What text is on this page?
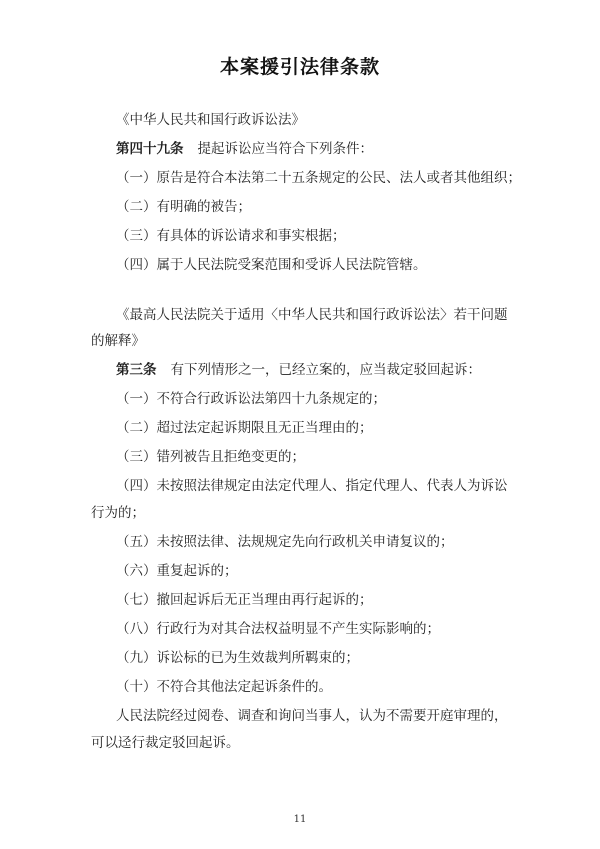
本案援引法律条款
《中华人民共和国行政诉讼法》
第四十九条 提起诉讼应当符合下列条件：
（一）原告是符合本法第二十五条规定的公民、法人或者其他组织；
（二）有明确的被告；
（三）有具体的诉讼请求和事实根据；
（四）属于人民法院受案范围和受诉人民法院管辖。
《最高人民法院关于适用〈中华人民共和国行政诉讼法〉若干问题
的解释》
第三条 有下列情形之一，已经立案的，应当裁定驳回起诉：
（一）不符合行政诉讼法第四十九条规定的；
（二）超过法定起诉期限且无正当理由的；
（三）错列被告且拒绝变更的；
（四）未按照法律规定由法定代理人、指定代理人、代表人为诉讼
行为的；
（五）未按照法律、法规规定先向行政机关申请复议的；
（六）重复起诉的；
（七）撤回起诉后无正当理由再行起诉的；
（八）行政行为对其合法权益明显不产生实际影响的；
（九）诉讼标的已为生效裁判所羁束的；
（十）不符合其他法定起诉条件的。
人民法院经过阅卷、调查和询问当事人，认为不需要开庭审理的，
可以迳行裁定驳回起诉。
11
